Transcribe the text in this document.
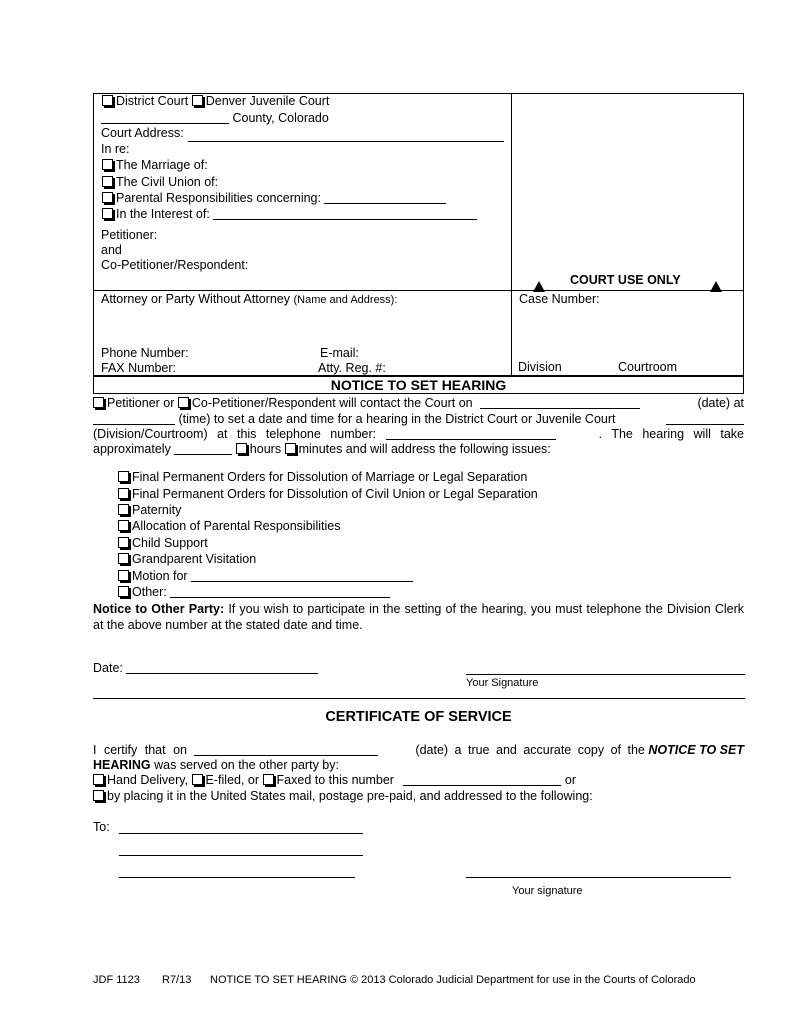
District Court Denver Juvenile Court
County, Colorado
Court Address:
In re:
The Marriage of:
The Civil Union of:
Parental Responsibilities concerning:
In the Interest of:
Petitioner:
and
Co-Petitioner/Respondent:
COURT USE ONLY
Attorney or Party Without Attorney (Name and Address):	Case Number:
Phone Number:	E-mail:
FAX Number:	Atty. Reg. #:	Division	Courtroom
NOTICE TO SET HEARING
Petitioner or Co-Petitioner/Respondent will contact the Court on	(date) at
(time) to set a date and time for a hearing in the District Court or Juvenile Court
(Division/Courtroom) at this telephone number:	. The hearing will take
approximately	hours minutes and will address the following issues:
Final Permanent Orders for Dissolution of Marriage or Legal Separation
Final Permanent Orders for Dissolution of Civil Union or Legal Separation
Paternity
Allocation of Parental Responsibilities
Child Support
Grandparent Visitation
Motion for
Other:
Notice to Other Party: If you wish to participate in the setting of the hearing, you must telephone the Division Clerk at the above number at the stated date and time.
Date:
Your Signature
CERTIFICATE OF SERVICE
I certify that on	(date) a true and accurate copy of the NOTICE TO SET
HEARING was served on the other party by:
Hand Delivery, E-filed, or Faxed to this number	or
by placing it in the United States mail, postage pre-paid, and addressed to the following:
To:
Your signature
JDF 1123 R7/13 NOTICE TO SET HEARING © 2013 Colorado Judicial Department for use in the Courts of Colorado
